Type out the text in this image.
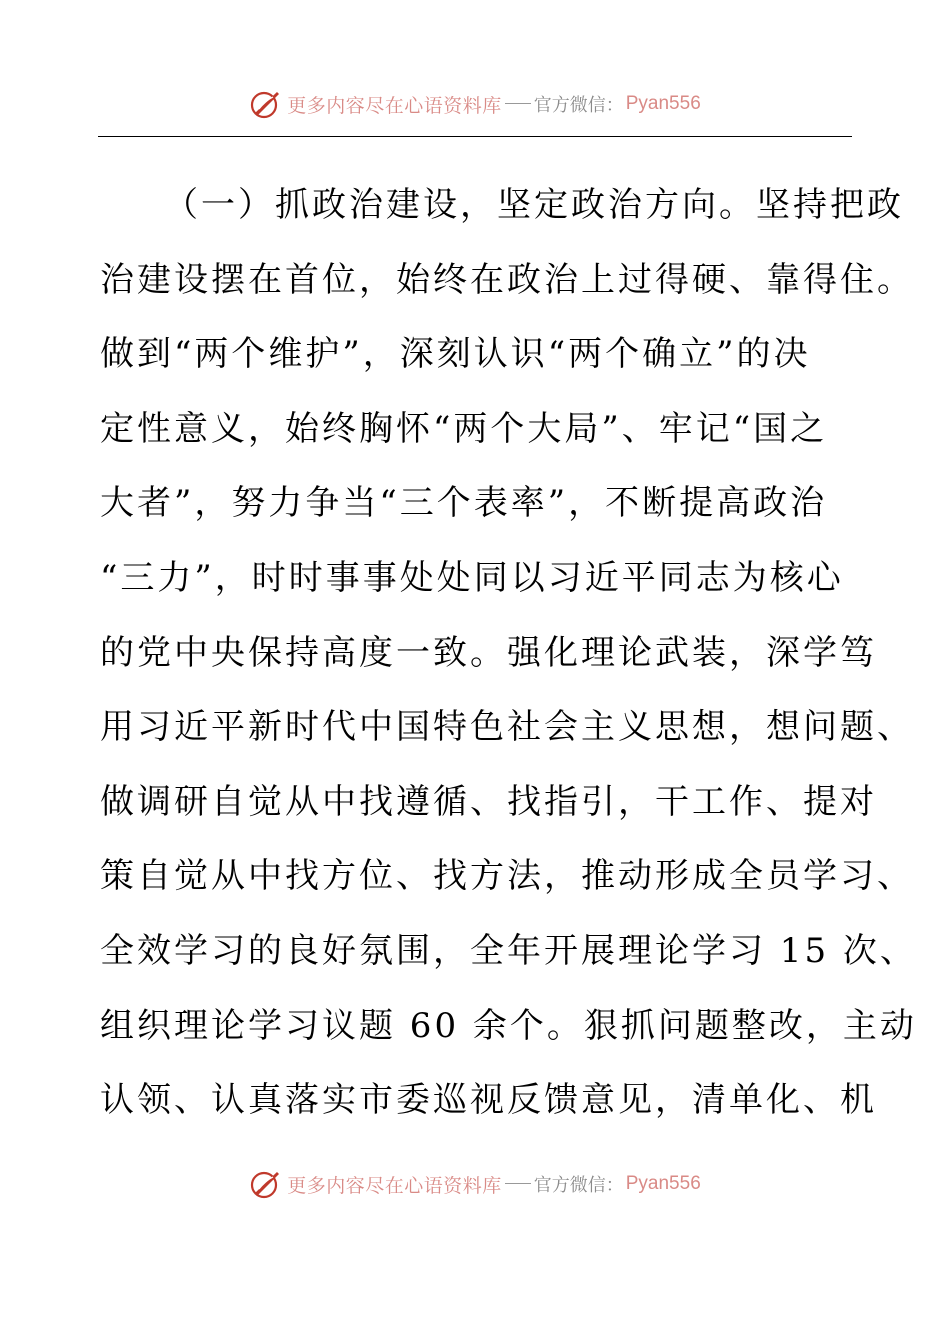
更多内容尽在心语资料库 官方微信： Pyan556
（一）抓政治建设，坚定政治方向。坚持把政
治建设摆在首位，始终在政治上过得硬、靠得住。
做到“两个维护”，深刻认识“两个确立”的决
定性意义，始终胸怀“两个大局”、牢记“国之
大者”，努力争当“三个表率”，不断提高政治
“三力”，时时事事处处同以习近平同志为核心
的党中央保持高度一致。强化理论武装，深学笃
用习近平新时代中国特色社会主义思想，想问题、
做调研自觉从中找遵循、找指引，干工作、提对
策自觉从中找方位、找方法，推动形成全员学习、
全效学习的良好氛围，全年开展理论学习 15 次、
组织理论学习议题 60 余个。狠抓问题整改，主动
认领、认真落实市委巡视反馈意见，清单化、机
更多内容尽在心语资料库 官方微信： Pyan556
